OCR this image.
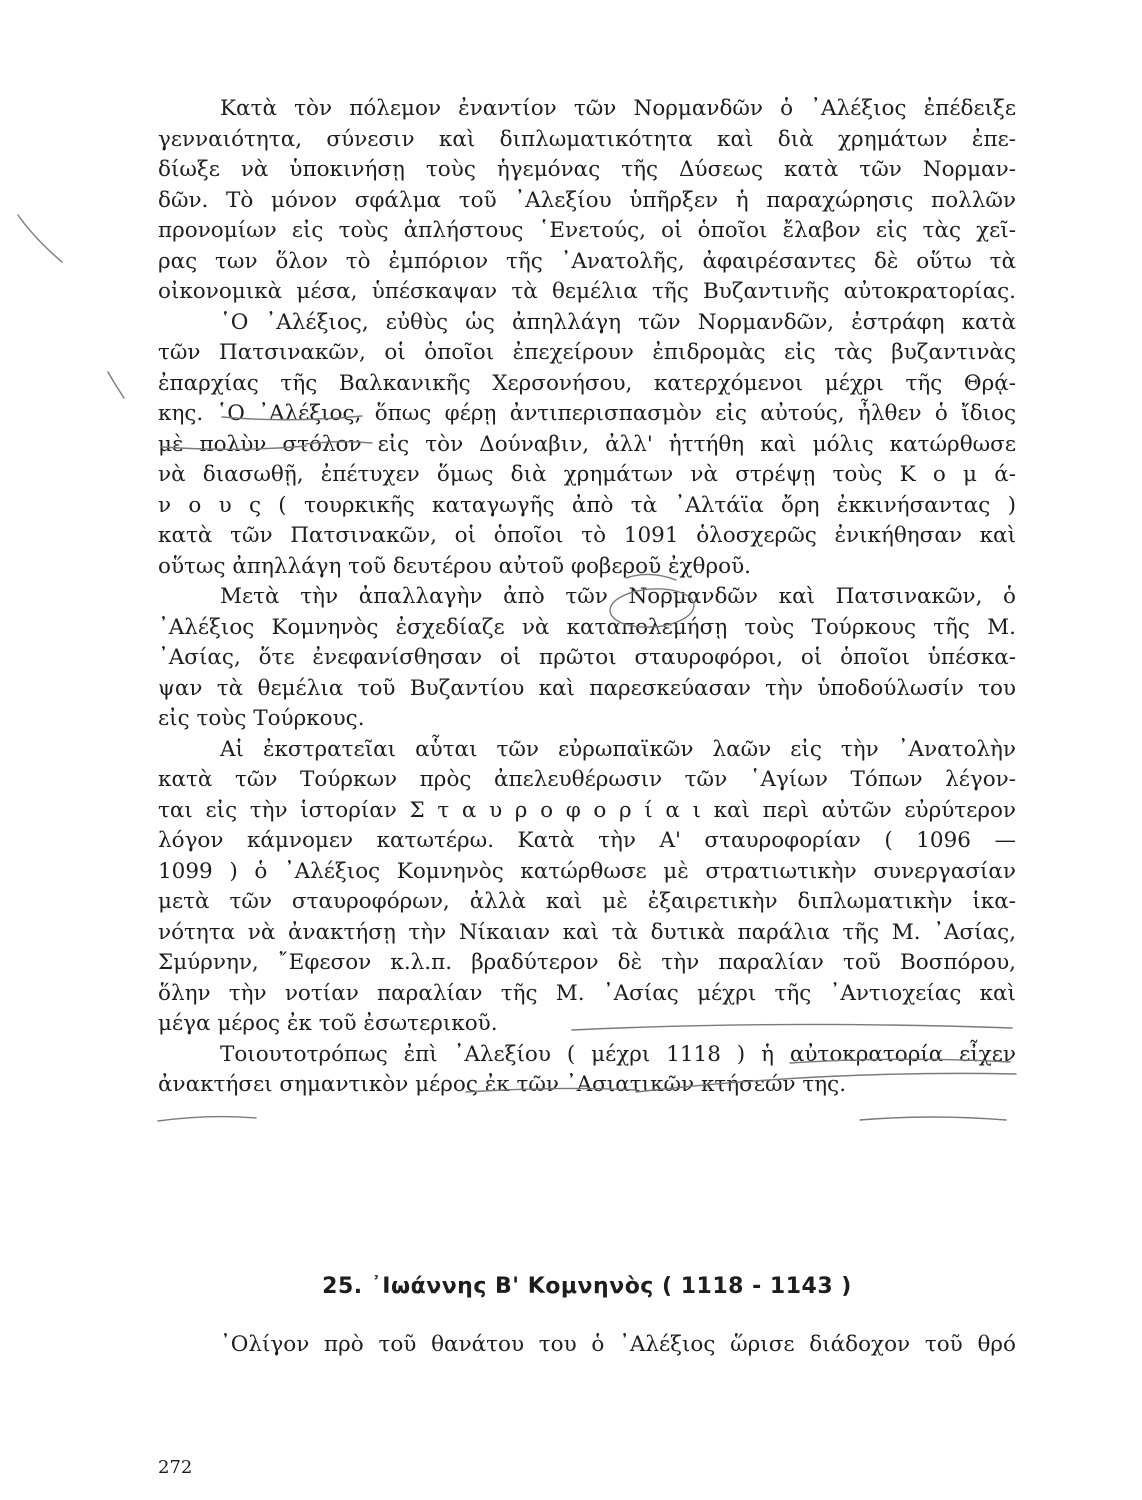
Κατὰ τὸν πόλεμον ἐναντίον τῶν Νορμανδῶν ὁ ᾿Αλέξιος ἐπέδειξε
γενναιότητα, σύνεσιν καὶ διπλωματικότητα καὶ διὰ χρημάτων ἐπε-
δίωξε νὰ ὑποκινήσῃ τοὺς ἡγεμόνας τῆς Δύσεως κατὰ τῶν Νορμαν-
δῶν. Τὸ μόνον σφάλμα τοῦ ᾿Αλεξίου ὑπῆρξεν ἡ παραχώρησις πολλῶν
προνομίων εἰς τοὺς ἀπλήστους ῾Ενετούς, οἱ ὁποῖοι ἔλαβον εἰς τὰς χεῖ-
ρας των ὅλον τὸ ἐμπόριον τῆς ᾿Ανατολῆς, ἀφαιρέσαντες δὲ οὕτω τὰ
οἰκονομικὰ μέσα, ὑπέσκαψαν τὰ θεμέλια τῆς Βυζαντινῆς αὐτοκρατορίας.
῾Ο ᾿Αλέξιος, εὐθὺς ὡς ἀπηλλάγη τῶν Νορμανδῶν, ἐστράφη κατὰ
τῶν Πατσινακῶν, οἱ ὁποῖοι ἐπεχείρουν ἐπιδρομὰς εἰς τὰς βυζαντινὰς
ἐπαρχίας τῆς Βαλκανικῆς Χερσονήσου, κατερχόμενοι μέχρι τῆς Θρᾴ-
κης. ῾Ο ᾿Αλέξιος, ὅπως φέρῃ ἀντιπερισπασμὸν εἰς αὐτούς, ἦλθεν ὁ ἴδιος
μὲ πολὺν στόλον εἰς τὸν Δούναβιν, ἀλλ' ἡττήθη καὶ μόλις κατώρθωσε
νὰ διασωθῇ, ἐπέτυχεν ὅμως διὰ χρημάτων νὰ στρέψῃ τοὺς Κ ο μ ά-
ν ο υ ς ( τουρκικῆς καταγωγῆς ἀπὸ τὰ ᾿Αλτάϊα ὄρη ἐκκινήσαντας )
κατὰ τῶν Πατσινακῶν, οἱ ὁποῖοι τὸ 1091 ὁλοσχερῶς ἐνικήθησαν καὶ
οὕτως ἀπηλλάγη τοῦ δευτέρου αὐτοῦ φοβεροῦ ἐχθροῦ.
Μετὰ τὴν ἀπαλλαγὴν ἀπὸ τῶν Νορμανδῶν καὶ Πατσινακῶν, ὁ
᾿Αλέξιος Κομνηνὸς ἐσχεδίαζε νὰ καταπολεμήσῃ τοὺς Τούρκους τῆς Μ.
᾿Ασίας, ὅτε ἐνεφανίσθησαν οἱ πρῶτοι σταυροφόροι, οἱ ὁποῖοι ὑπέσκα-
ψαν τὰ θεμέλια τοῦ Βυζαντίου καὶ παρεσκεύασαν τὴν ὑποδούλωσίν του
εἰς τοὺς Τούρκους.
Αἱ ἐκστρατεῖαι αὗται τῶν εὐρωπαϊκῶν λαῶν εἰς τὴν ᾿Ανατολὴν
κατὰ τῶν Τούρκων πρὸς ἀπελευθέρωσιν τῶν ῾Αγίων Τόπων λέγον-
ται εἰς τὴν ἱστορίαν Σ τ α υ ρ ο φ ο ρ ί α ι καὶ περὶ αὐτῶν εὐρύτερον
λόγον κάμνομεν κατωτέρω. Κατὰ τὴν Α' σταυροφορίαν ( 1096 —
1099 ) ὁ ᾿Αλέξιος Κομνηνὸς κατώρθωσε μὲ στρατιωτικὴν συνεργασίαν
μετὰ τῶν σταυροφόρων, ἀλλὰ καὶ μὲ ἐξαιρετικὴν διπλωματικὴν ἱκα-
νότητα νὰ ἀνακτήσῃ τὴν Νίκαιαν καὶ τὰ δυτικὰ παράλια τῆς Μ. ᾿Ασίας,
Σμύρνην, ῎Εφεσον κ.λ.π. βραδύτερον δὲ τὴν παραλίαν τοῦ Βοσπόρου,
ὅλην τὴν νοτίαν παραλίαν τῆς Μ. ᾿Ασίας μέχρι τῆς ᾿Αντιοχείας καὶ
μέγα μέρος ἐκ τοῦ ἐσωτερικοῦ.
Τοιουτοτρόπως ἐπὶ ᾿Αλεξίου ( μέχρι 1118 ) ἡ αὐτοκρατορία εἶχεν
ἀνακτήσει σημαντικὸν μέρος ἐκ τῶν ᾿Ασιατικῶν κτήσεών της.
25. ᾿Ιωάννης Β' Κομνηνὸς ( 1118 - 1143 )
᾿Ολίγον πρὸ τοῦ θανάτου του ὁ ᾿Αλέξιος ὥρισε διάδοχον τοῦ θρό
272
